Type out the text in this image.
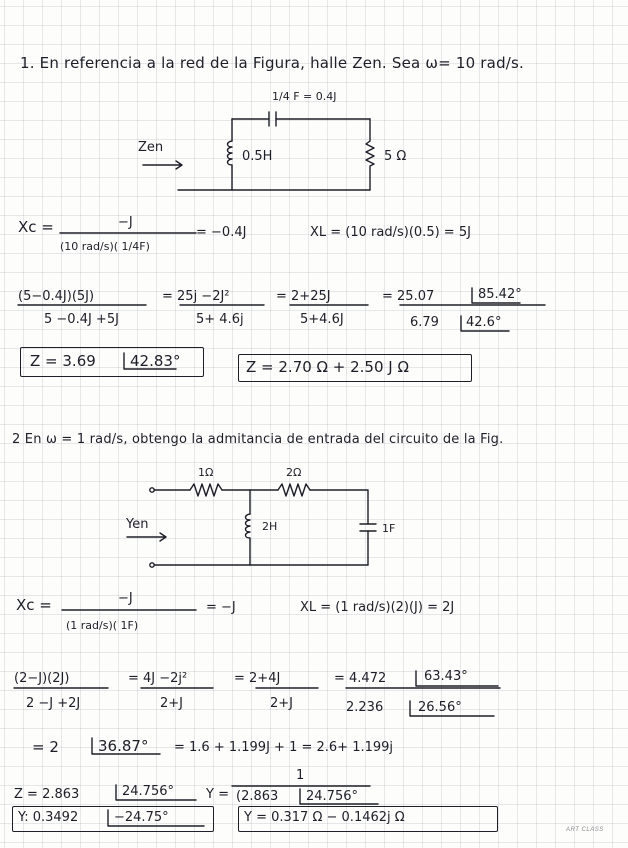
1. En referencia a la red de la Figura, halle Zen. Sea ω= 10 rad/s.
1/4 F = 0.4J
Zen
0.5H	5 Ω
Xc =	−J
(10 rad/s)( 1/4F)
= −0.4J	XL = (10 rad/s)(0.5) = 5J
(5−0.4J)(5J)
5 −0.4J +5J
= 25j −2J²
5+ 4.6j
= 2+25J
5+4.6J
= 25.07	85.42°
6.79 42.6°
Z = 3.69 42.83°	Z = 2.70 Ω + 2.50 J Ω
2 En ω = 1 rad/s, obtengo la admitancia de entrada del circuito de la Fig.
1Ω	2Ω
Yen	2H	1F
Xc =	−J
(1 rad/s)( 1F)
= −J	XL = (1 rad/s)(2)(J) = 2J
(2−J)(2J)
2 −J +2J
= 4J −2j²
2+J
= 2+4J
2+J
= 4.472	63.43°
2.236	26.56°
= 2	36.87° = 1.6 + 1.199J + 1 = 2.6+ 1.199j
Z = 2.863	24.756° Y =
1
(2.863 24.756°
Y: 0.3492	−24.75°	Y = 0.317 Ω − 0.1462j Ω
ART CLASS
